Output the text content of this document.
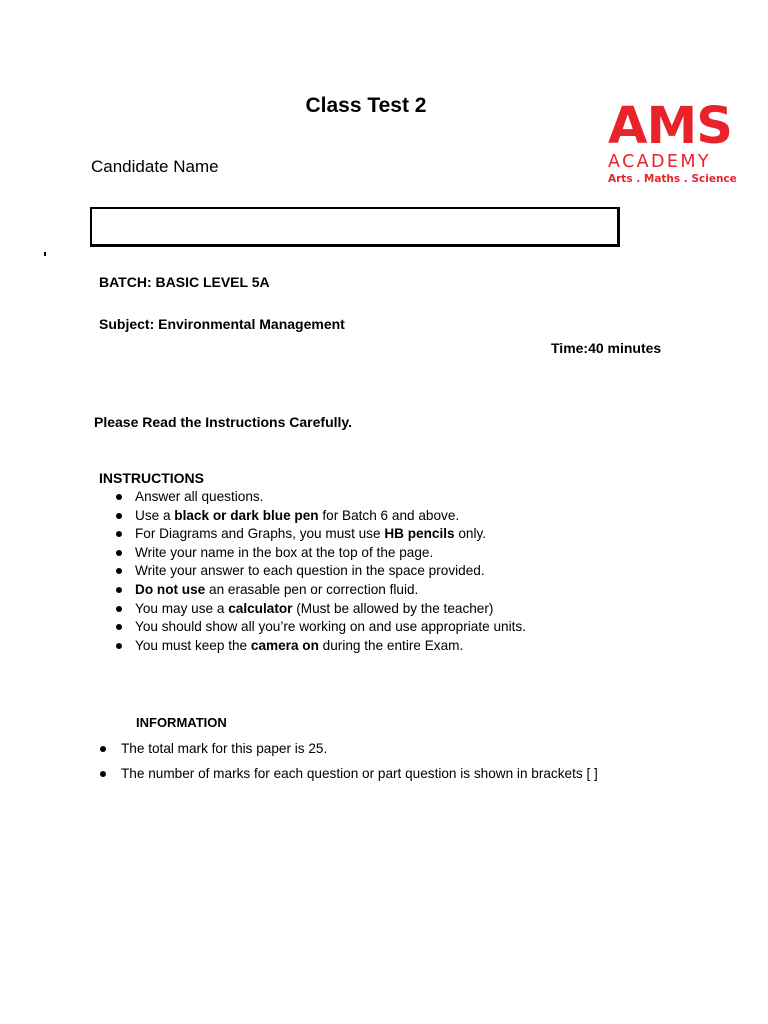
Class Test 2
Candidate Name
AMS
ACADEMY
Arts . Maths . Science
BATCH: BASIC LEVEL 5A
Subject: Environmental Management
Time:40 minutes
Please Read the Instructions Carefully.
INSTRUCTIONS
Answer all questions.
Use a black or dark blue pen for Batch 6 and above.
For Diagrams and Graphs, you must use HB pencils only.
Write your name in the box at the top of the page.
Write your answer to each question in the space provided.
Do not use an erasable pen or correction fluid.
You may use a calculator (Must be allowed by the teacher)
You should show all you’re working on and use appropriate units.
You must keep the camera on during the entire Exam.
INFORMATION
The total mark for this paper is 25.
The number of marks for each question or part question is shown in brackets [ ]
